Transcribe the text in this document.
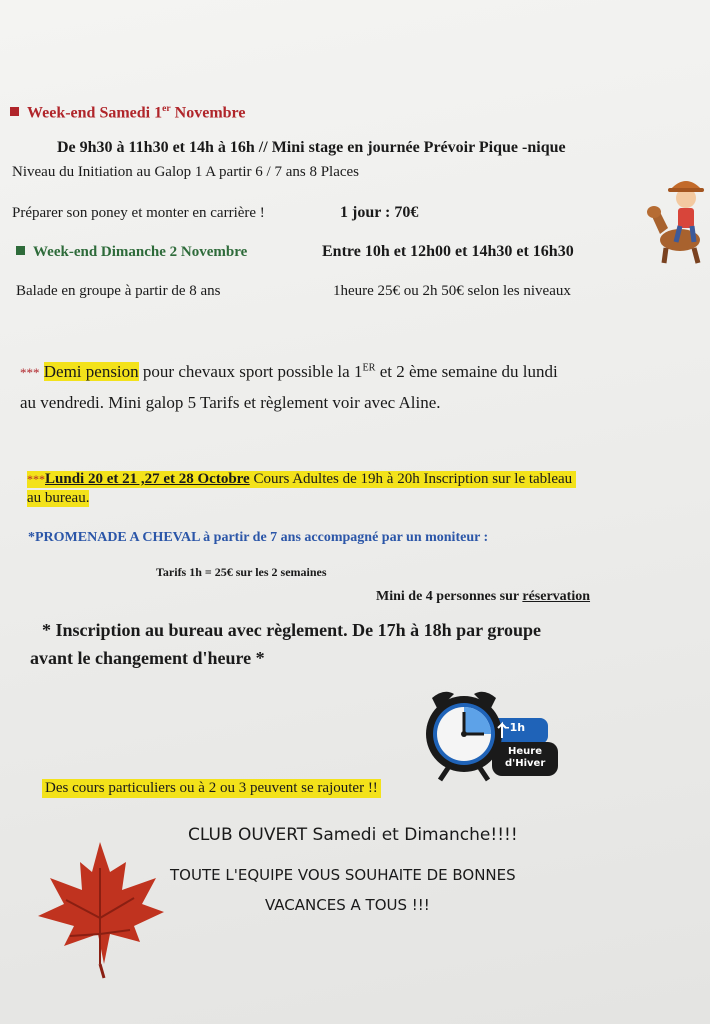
Week-end Samedi 1er Novembre
De 9h30 à 11h30 et 14h à 16h // Mini stage en journée Prévoir Pique -nique
Niveau du Initiation au Galop 1 A partir 6 / 7 ans 8 Places
Préparer son poney et monter en carrière !	1 jour : 70€
Week-end Dimanche 2 Novembre	Entre 10h et 12h00 et 14h30 et 16h30
Balade en groupe à partir de 8 ans	1heure 25€ ou 2h 50€ selon les niveaux
*** Demi pension pour chevaux sport possible la 1ER et 2 ème semaine du lundi
au vendredi. Mini galop 5 Tarifs et règlement voir avec Aline.
***Lundi 20 et 21 ,27 et 28 Octobre Cours Adultes de 19h à 20h Inscription sur le tableau
au bureau.
*PROMENADE A CHEVAL à partir de 7 ans accompagné par un moniteur :
Tarifs 1h = 25€ sur les 2 semaines
Mini de 4 personnes sur réservation
* Inscription au bureau avec règlement. De 17h à 18h par groupe
avant le changement d'heure *
-1h
Heure
d'Hiver
Des cours particuliers ou à 2 ou 3 peuvent se rajouter !!
CLUB OUVERT Samedi et Dimanche!!!!
TOUTE L'EQUIPE VOUS SOUHAITE DE BONNES
VACANCES A TOUS !!!
